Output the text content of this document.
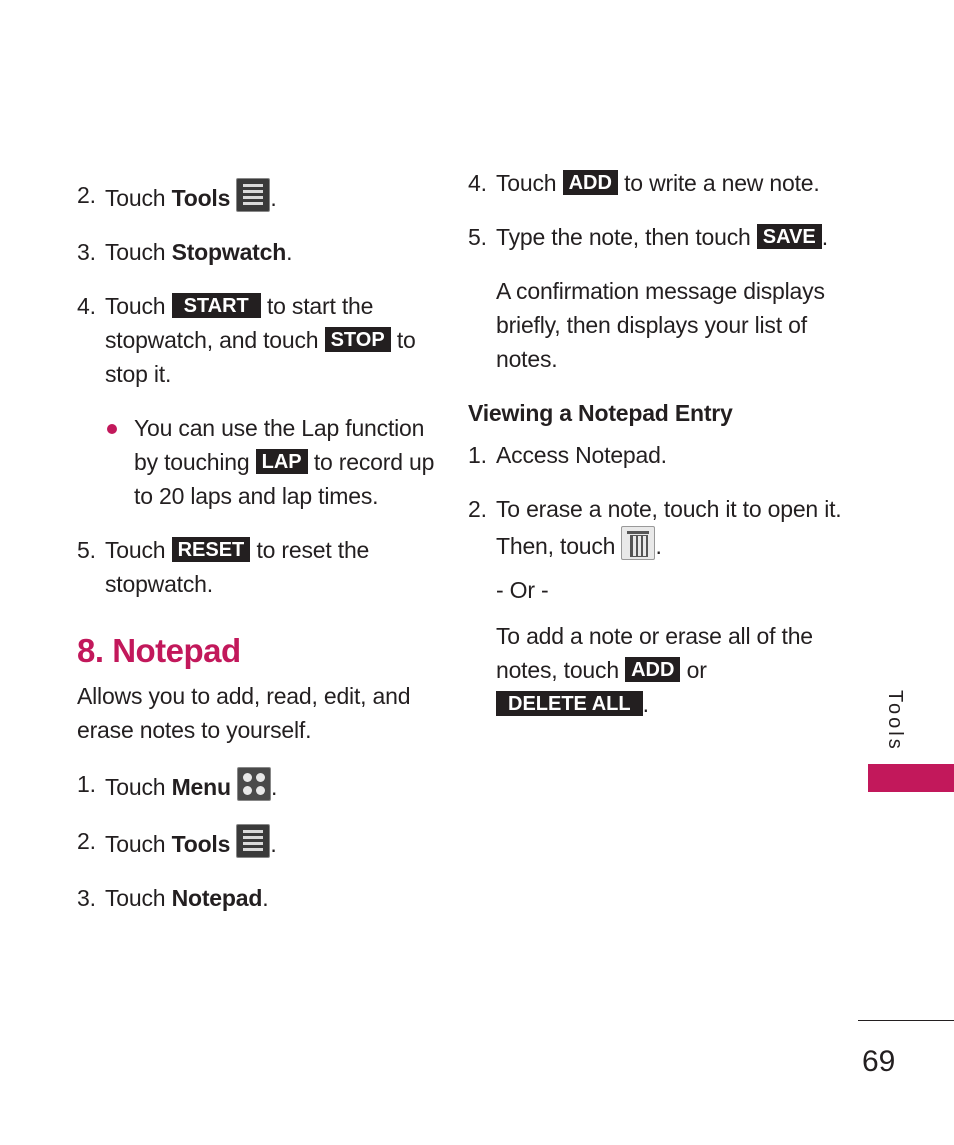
2. Touch Tools .
3. Touch Stopwatch.
4. Touch START to start the stopwatch, and touch STOP to stop it.
You can use the Lap function by touching LAP to record up to 20 laps and lap times.
5. Touch RESET to reset the stopwatch.
8. Notepad
Allows you to add, read, edit, and erase notes to yourself.
1. Touch Menu .
2. Touch Tools .
3. Touch Notepad.
4. Touch ADD to write a new note.
5. Type the note, then touch SAVE .
A confirmation message displays briefly, then displays your list of notes.
Viewing a Notepad Entry
1. Access Notepad.
2. To erase a note, touch it to open it. Then, touch .
- Or -
To add a note or erase all of the notes, touch ADD or DELETE ALL .	Tools
69
